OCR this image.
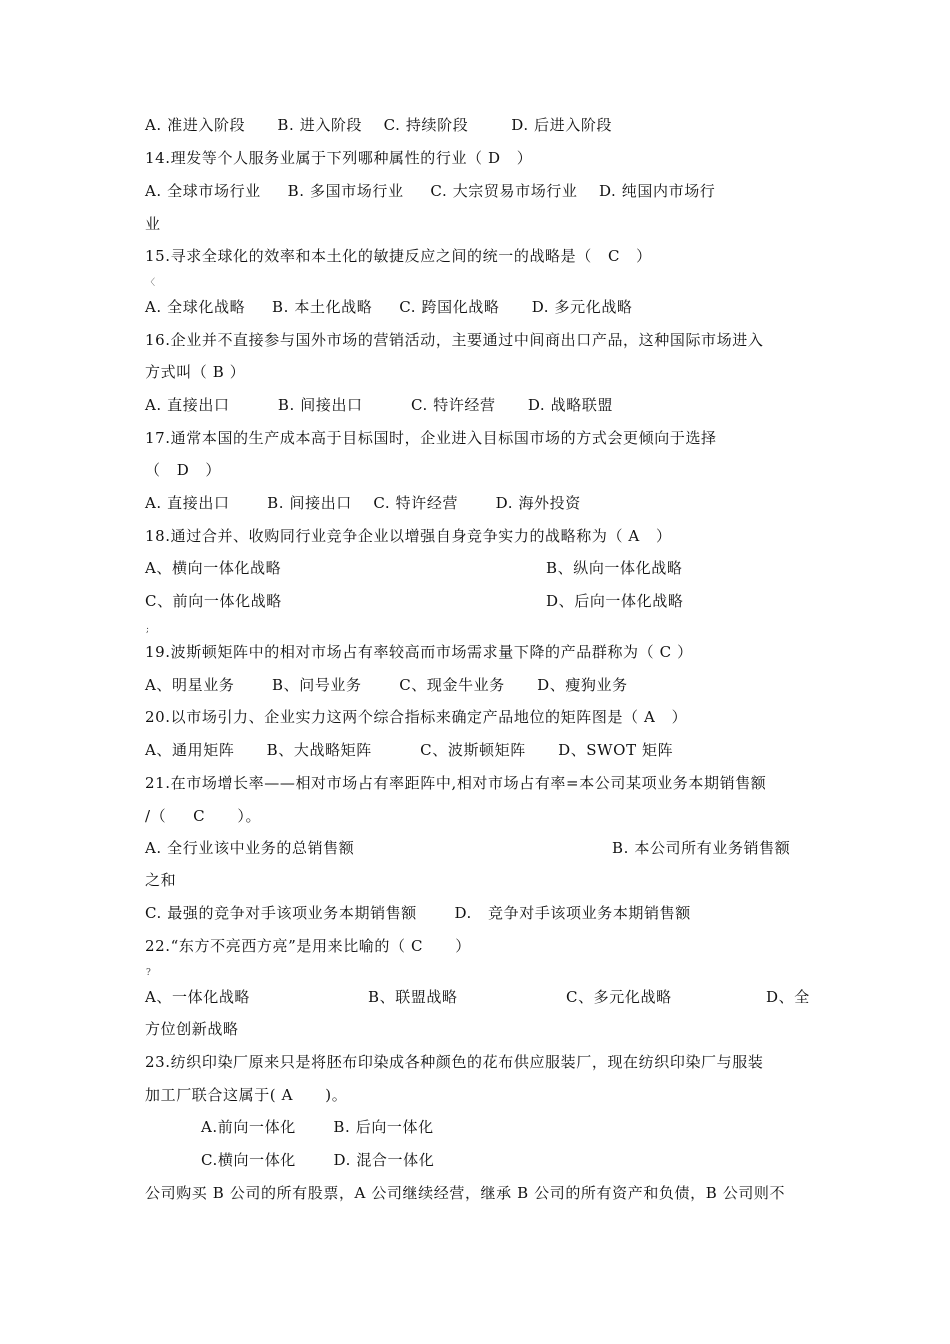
A. 准进入阶段      B. 进入阶段    C. 持续阶段        D. 后进入阶段
14.理发等个人服务业属于下列哪种属性的行业（ D   ）
A. 全球市场行业     B. 多国市场行业     C. 大宗贸易市场行业    D. 纯国内市场行
业
15.寻求全球化的效率和本土化的敏捷反应之间的统一的战略是（   C   ）
〈
A. 全球化战略     B. 本土化战略     C. 跨国化战略      D. 多元化战略
16.企业并不直接参与国外市场的营销活动，主要通过中间商出口产品，这种国际市场进入
方式叫（ B ）
A. 直接出口         B. 间接出口         C. 特许经营      D. 战略联盟
17.通常本国的生产成本高于目标国时，企业进入目标国市场的方式会更倾向于选择
（   D   ）
A. 直接出口       B. 间接出口    C. 特许经营       D. 海外投资
18.通过合并、收购同行业竞争企业以增强自身竞争实力的战略称为（ A   ）
A、横向一体化战略	B、纵向一体化战略
C、前向一体化战略	D、后向一体化战略
;
19.波斯顿矩阵中的相对市场占有率较高而市场需求量下降的产品群称为（ C ）
A、明星业务       B、问号业务       C、现金牛业务      D、瘦狗业务
20.以市场引力、企业实力这两个综合指标来确定产品地位的矩阵图是（ A   ）
A、通用矩阵      B、大战略矩阵         C、波斯顿矩阵      D、SWOT 矩阵
21.在市场增长率——相对市场占有率距阵中,相对市场占有率=本公司某项业务本期销售额
/（     C      ）。
A. 全行业该中业务的总销售额	B. 本公司所有业务销售额
之和
C. 最强的竞争对手该项业务本期销售额       D.   竞争对手该项业务本期销售额
22.“东方不亮西方亮”是用来比喻的（ C      ）
?
A、一体化战略	B、联盟战略	C、多元化战略	D、全
方位创新战略
23.纺织印染厂原来只是将胚布印染成各种颜色的花布供应服装厂，现在纺织印染厂与服装
加工厂联合这属于( A      )。
A.前向一体化       B. 后向一体化
C.横向一体化       D. 混合一体化
公司购买 B 公司的所有股票，A 公司继续经营，继承 B 公司的所有资产和负债，B 公司则不
